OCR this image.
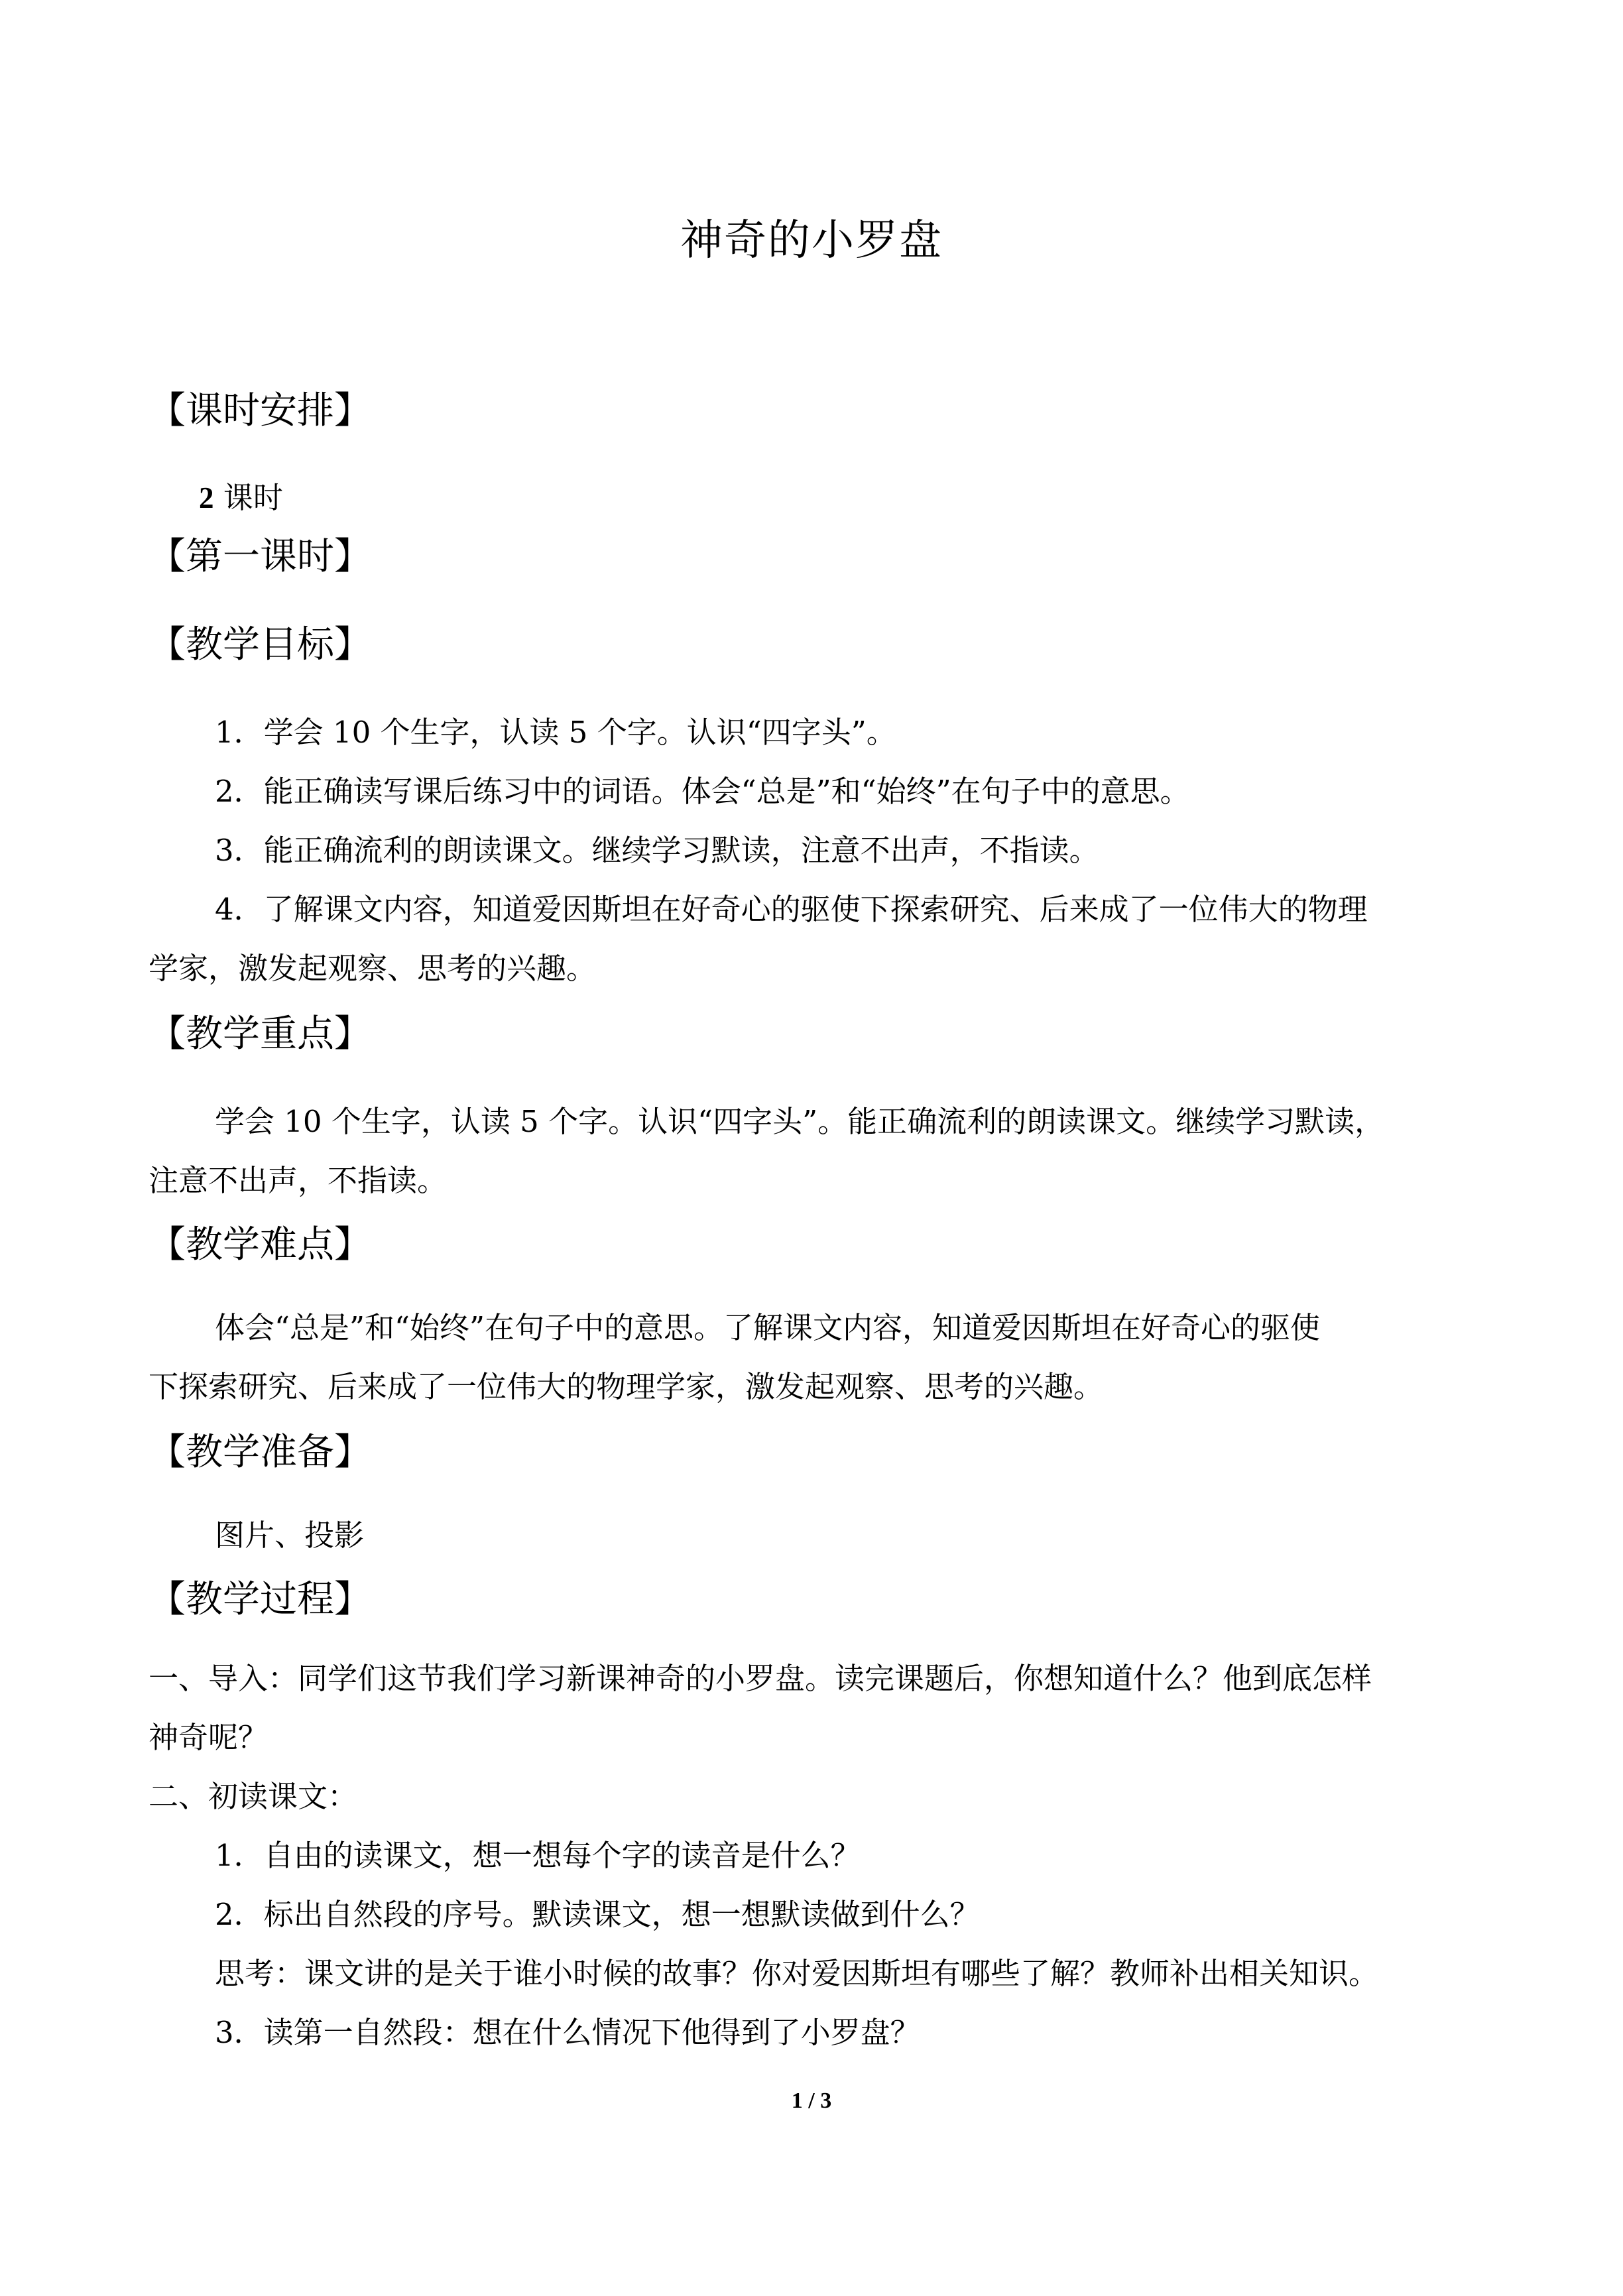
神奇的小罗盘
【课时安排】
2 课时
【第一课时】
【教学目标】
1．学会 10 个生字，认读 5 个字。认识“四字头”。
2．能正确读写课后练习中的词语。体会“总是”和“始终”在句子中的意思。
3．能正确流利的朗读课文。继续学习默读，注意不出声，不指读。
4．了解课文内容，知道爱因斯坦在好奇心的驱使下探索研究、后来成了一位伟大的物理
学家，激发起观察、思考的兴趣。
【教学重点】
学会 10 个生字，认读 5 个字。认识“四字头”。能正确流利的朗读课文。继续学习默读，
注意不出声，不指读。
【教学难点】
体会“总是”和“始终”在句子中的意思。了解课文内容，知道爱因斯坦在好奇心的驱使
下探索研究、后来成了一位伟大的物理学家，激发起观察、思考的兴趣。
【教学准备】
图片、投影
【教学过程】
一、导入：同学们这节我们学习新课神奇的小罗盘。读完课题后，你想知道什么？他到底怎样
神奇呢？
二、初读课文：
1．自由的读课文，想一想每个字的读音是什么？
2．标出自然段的序号。默读课文，想一想默读做到什么？
思考：课文讲的是关于谁小时候的故事？你对爱因斯坦有哪些了解？教师补出相关知识。
3．读第一自然段：想在什么情况下他得到了小罗盘？
1 / 3
